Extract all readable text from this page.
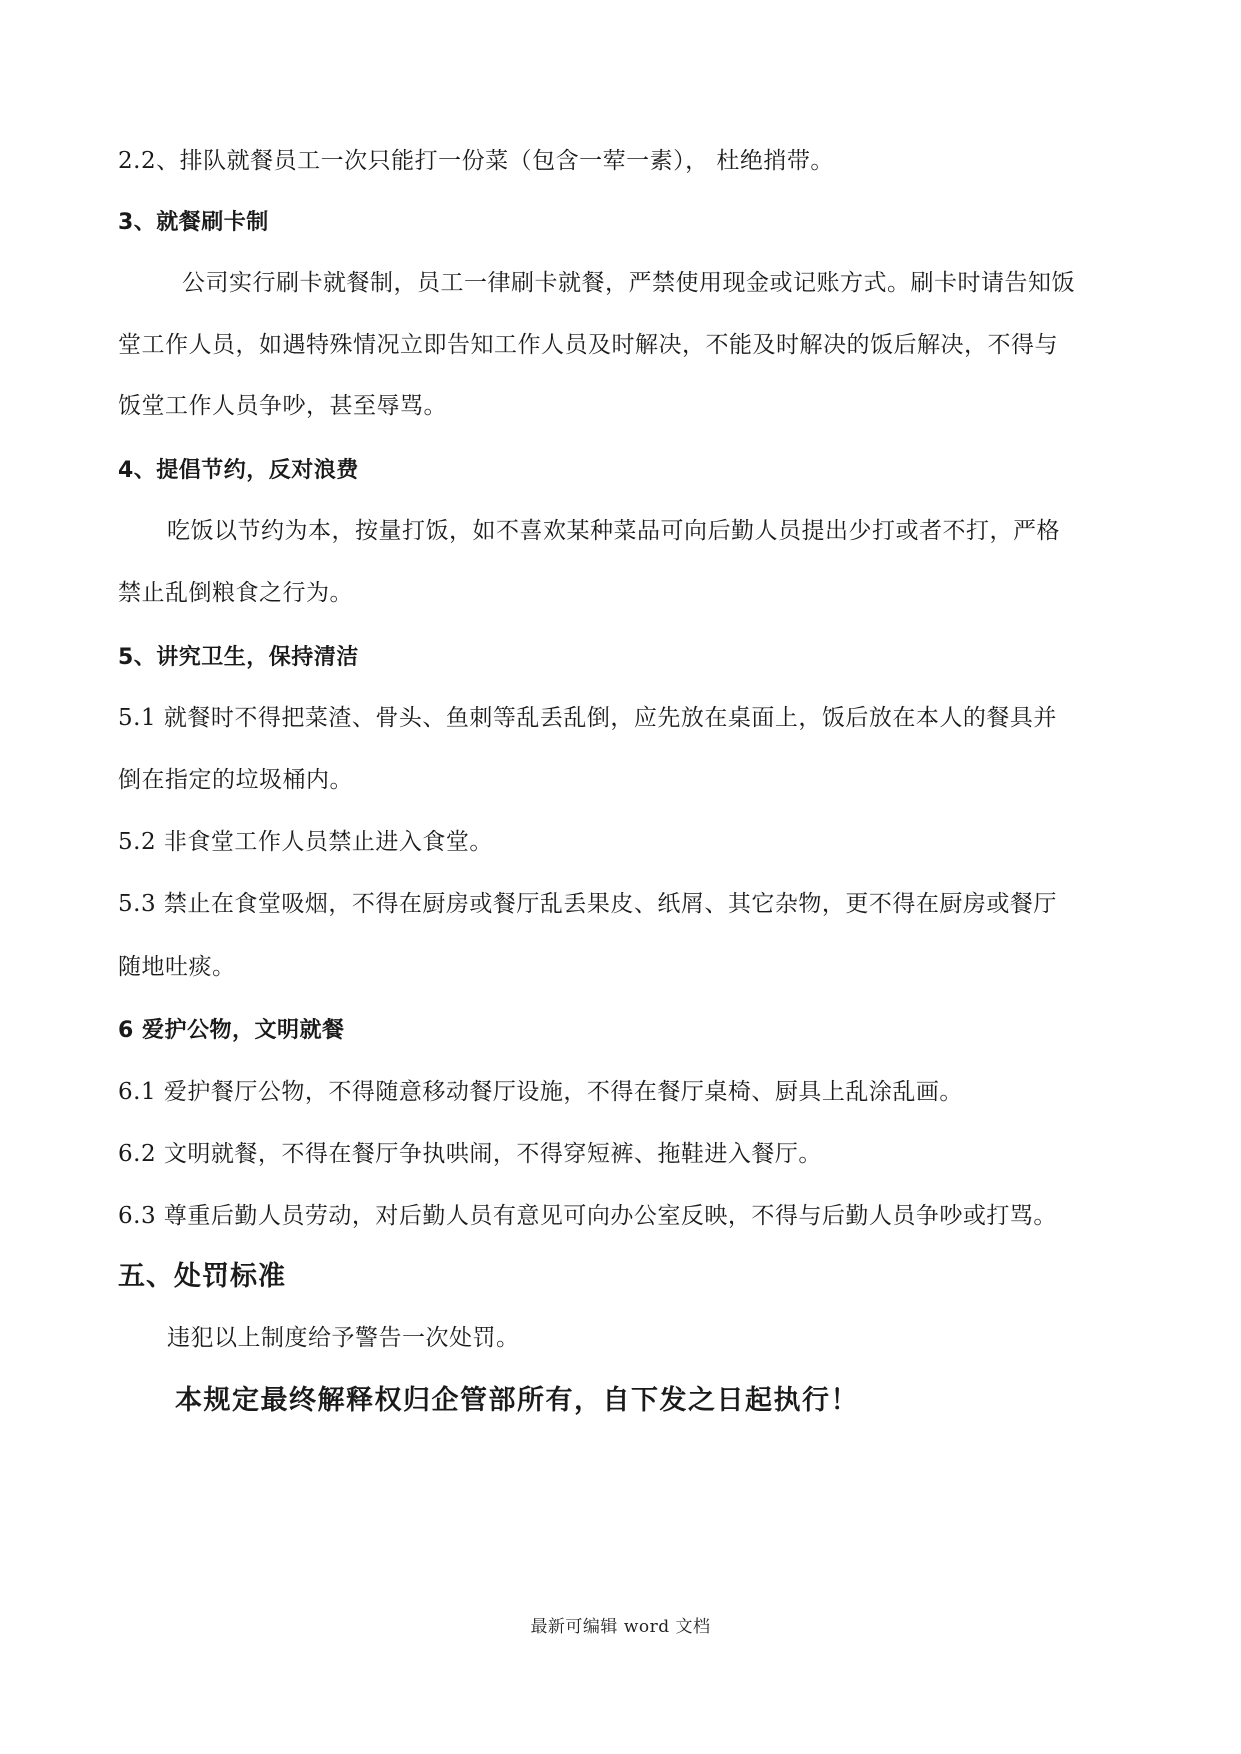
2.2、排队就餐员工一次只能打一份菜（包含一荤一素）， 杜绝捎带。
3、就餐刷卡制
公司实行刷卡就餐制，员工一律刷卡就餐，严禁使用现金或记账方式。刷卡时请告知饭
堂工作人员，如遇特殊情况立即告知工作人员及时解决，不能及时解决的饭后解决，不得与
饭堂工作人员争吵，甚至辱骂。
4、提倡节约，反对浪费
吃饭以节约为本，按量打饭，如不喜欢某种菜品可向后勤人员提出少打或者不打，严格
禁止乱倒粮食之行为。
5、讲究卫生，保持清洁
5.1 就餐时不得把菜渣、骨头、鱼刺等乱丢乱倒，应先放在桌面上，饭后放在本人的餐具并
倒在指定的垃圾桶内。
5.2 非食堂工作人员禁止进入食堂。
5.3 禁止在食堂吸烟，不得在厨房或餐厅乱丢果皮、纸屑、其它杂物，更不得在厨房或餐厅
随地吐痰。
6 爱护公物，文明就餐
6.1 爱护餐厅公物，不得随意移动餐厅设施，不得在餐厅桌椅、厨具上乱涂乱画。
6.2 文明就餐，不得在餐厅争执哄闹，不得穿短裤、拖鞋进入餐厅。
6.3 尊重后勤人员劳动，对后勤人员有意见可向办公室反映，不得与后勤人员争吵或打骂。
五、处罚标准
违犯以上制度给予警告一次处罚。
本规定最终解释权归企管部所有，自下发之日起执行！
最新可编辑 word 文档
